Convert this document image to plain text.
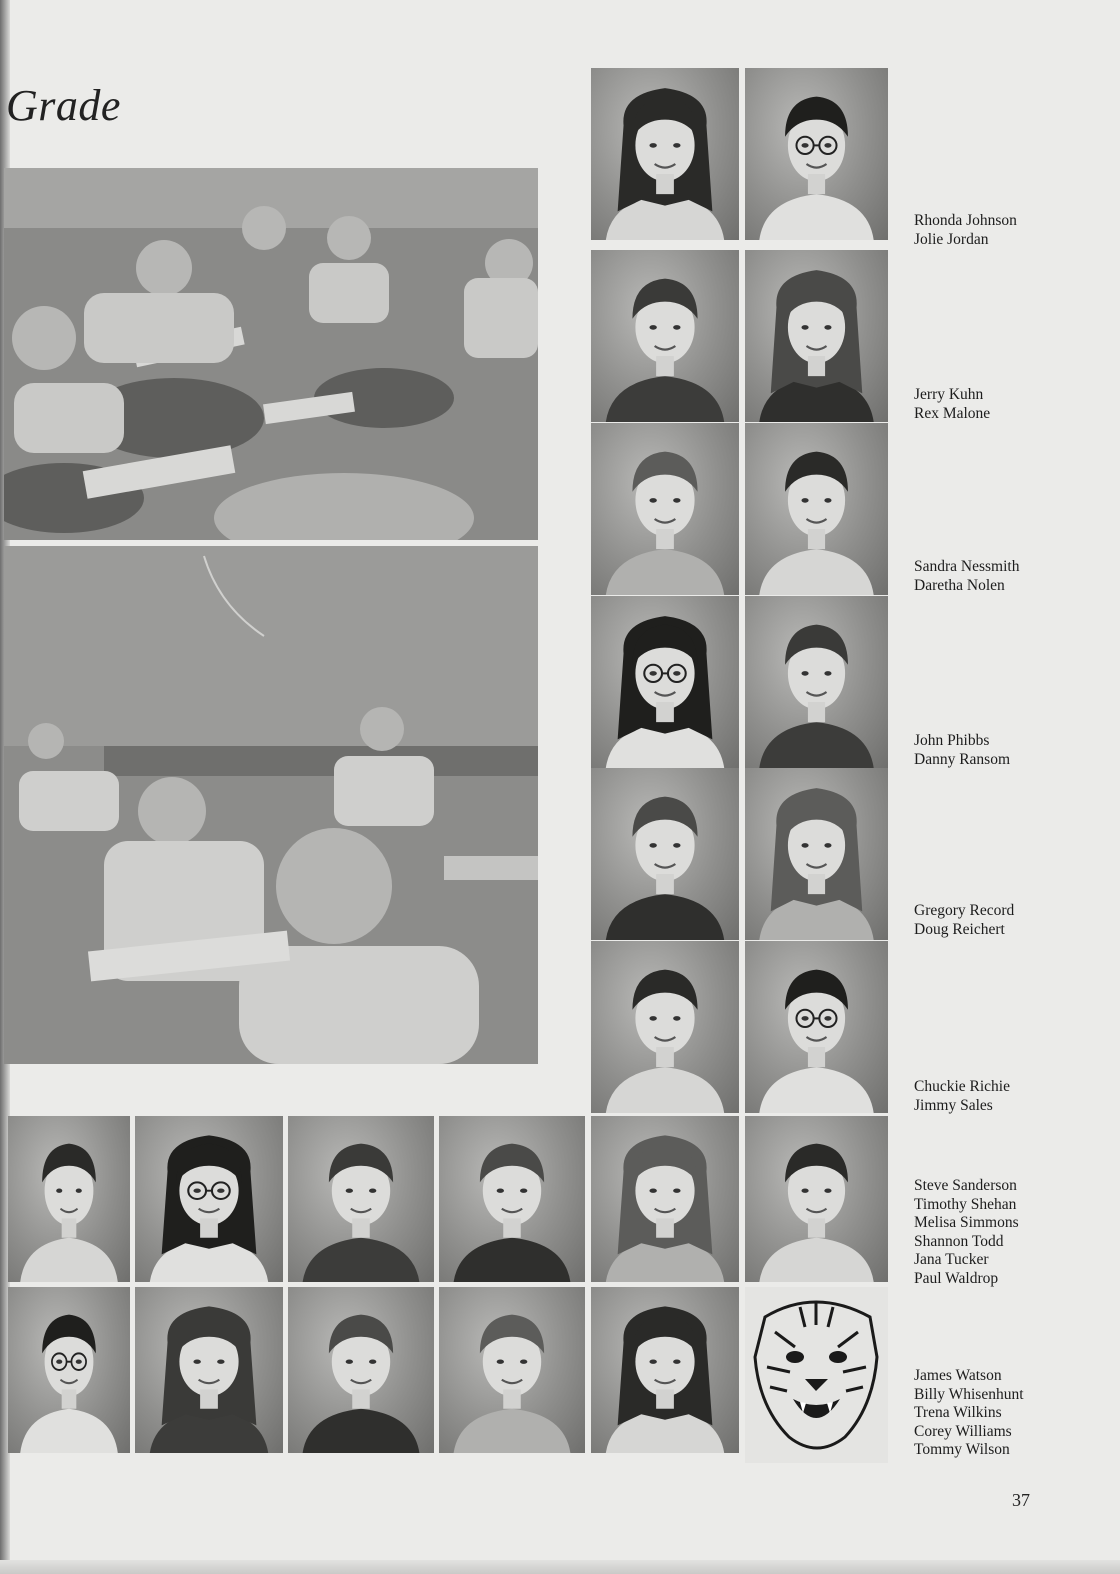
Grade
Rhonda Johnson
Jolie Jordan
Jerry Kuhn
Rex Malone
Sandra Nessmith
Daretha Nolen
John Phibbs
Danny Ransom
Gregory Record
Doug Reichert
Chuckie Richie
Jimmy Sales
Steve Sanderson
Timothy Shehan
Melisa Simmons
Shannon Todd
Jana Tucker
Paul Waldrop
James Watson
Billy Whisenhunt
Trena Wilkins
Corey Williams
Tommy Wilson
37
